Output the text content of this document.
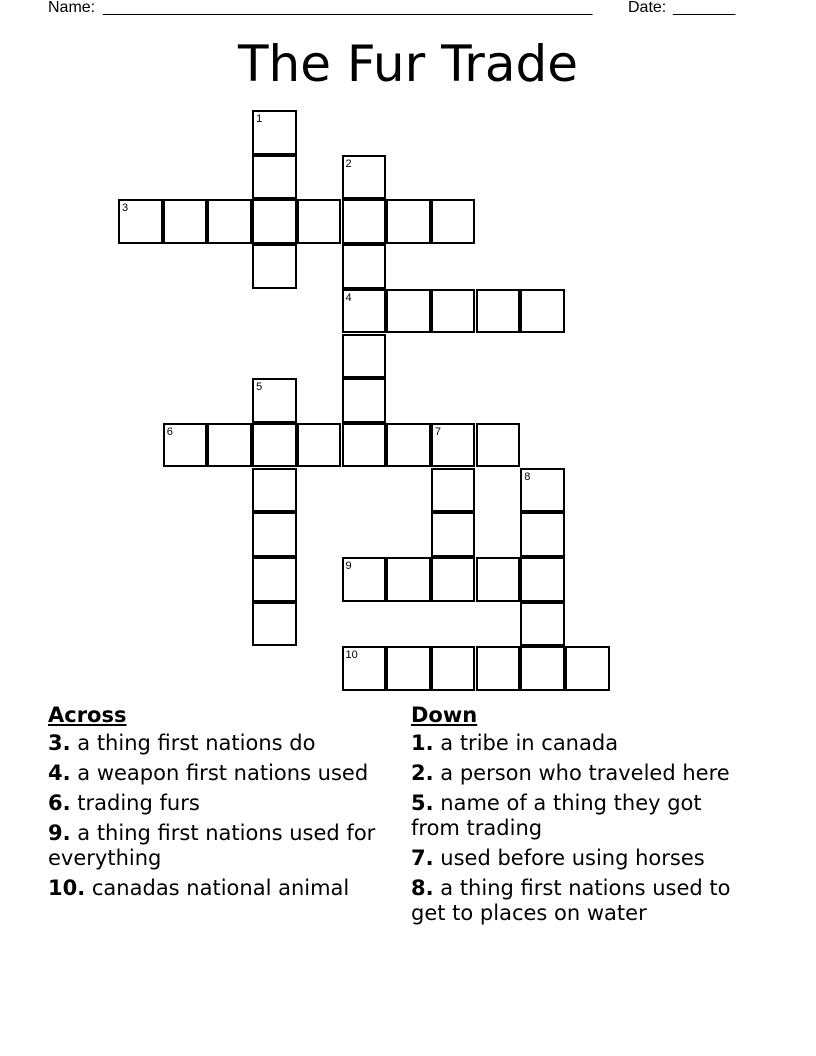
Name: _______________________________________________________ Date: _______
The Fur Trade
1
2
4
3
5
6	7
8
9
10
Across
3. a thing first nations do
4. a weapon first nations used
6. trading furs
9. a thing first nations used for everything
10. canadas national animal
Down
1. a tribe in canada
2. a person who traveled here
5. name of a thing they got from trading
7. used before using horses
8. a thing first nations used to get to places on water
